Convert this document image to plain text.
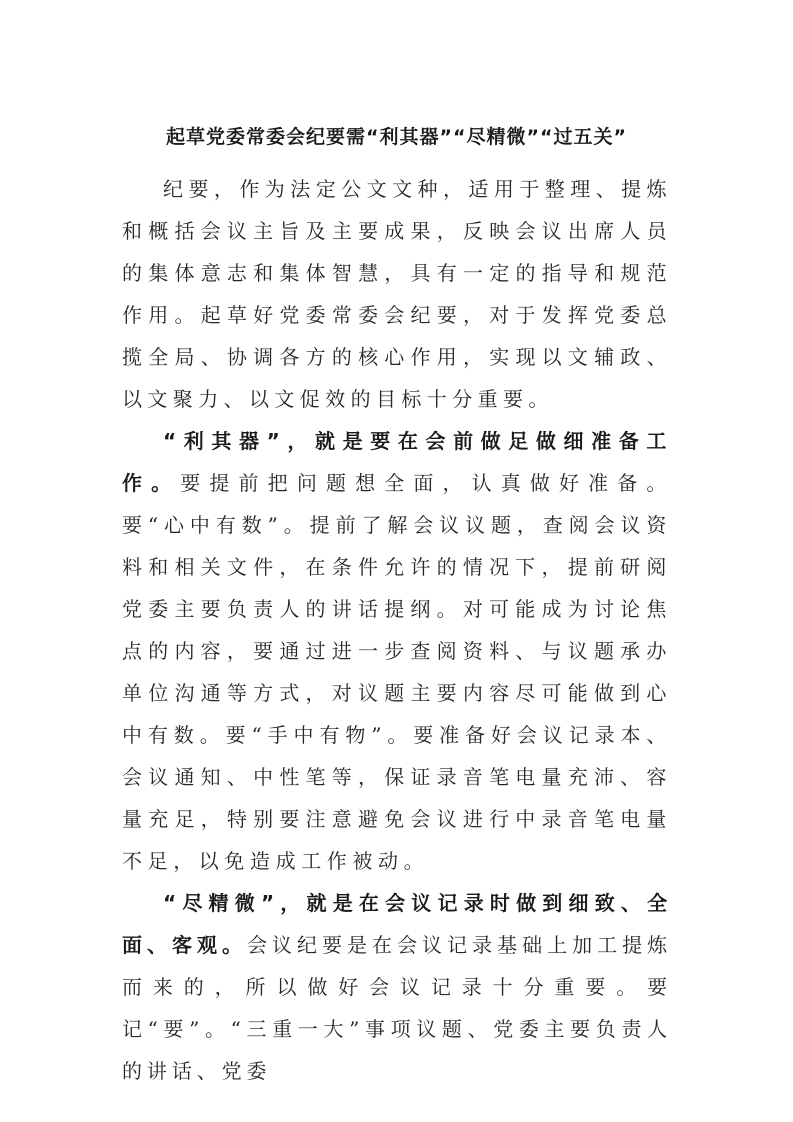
起草党委常委会纪要需“利其器”“尽精微”“过五关”

纪要，作为法定公文文种，适用于整理、提炼和概括会议主旨及主要成果，反映会议出席人员的集体意志和集体智慧，具有一定的指导和规范作用。起草好党委常委会纪要，对于发挥党委总揽全局、协调各方的核心作用，实现以文辅政、以文聚力、以文促效的目标十分重要。

“利其器”，就是要在会前做足做细准备工作。要提前把问题想全面，认真做好准备。要“心中有数”。提前了解会议议题，查阅会议资料和相关文件，在条件允许的情况下，提前研阅党委主要负责人的讲话提纲。对可能成为讨论焦点的内容，要通过进一步查阅资料、与议题承办单位沟通等方式，对议题主要内容尽可能做到心中有数。要“手中有物”。要准备好会议记录本、会议通知、中性笔等，保证录音笔电量充沛、容量充足，特别要注意避免会议进行中录音笔电量不足，以免造成工作被动。

“尽精微”，就是在会议记录时做到细致、全面、客观。会议纪要是在会议记录基础上加工提炼而来的，所以做好会议记录十分重要。要记“要”。“三重一大”事项议题、党委主要负责人的讲话、党委
